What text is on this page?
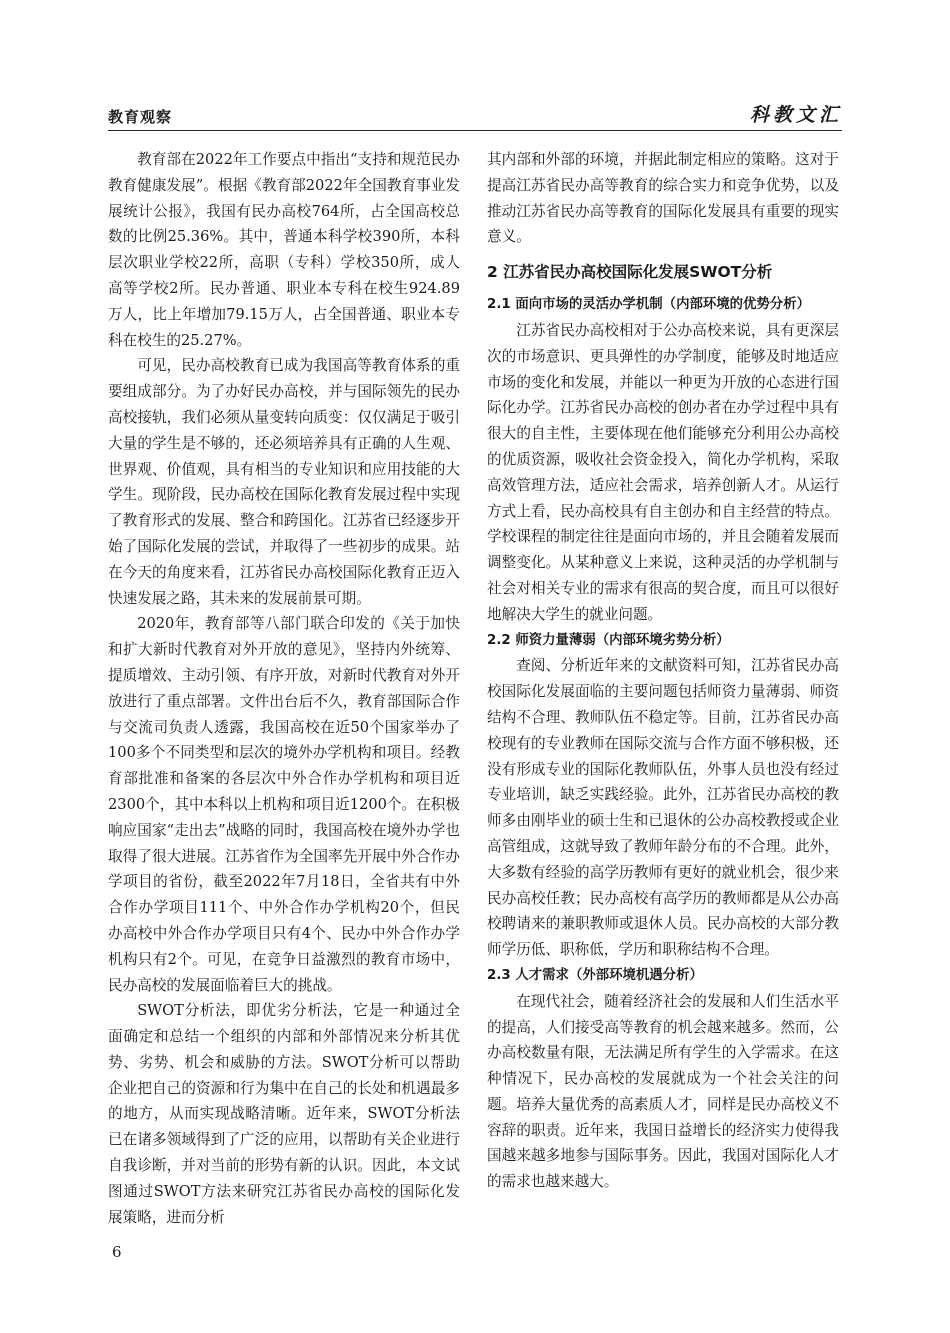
教育观察	科教文汇

教育部在2022年工作要点中指出“支持和规范民办教育健康发展”。根据《教育部2022年全国教育事业发展统计公报》，我国有民办高校764所，占全国高校总数的比例25.36%。其中，普通本科学校390所，本科层次职业学校22所，高职（专科）学校350所，成人高等学校2所。民办普通、职业本专科在校生924.89万人，比上年增加79.15万人，占全国普通、职业本专科在校生的25.27%。

可见，民办高校教育已成为我国高等教育体系的重要组成部分。为了办好民办高校，并与国际领先的民办高校接轨，我们必须从量变转向质变：仅仅满足于吸引大量的学生是不够的，还必须培养具有正确的人生观、世界观、价值观，具有相当的专业知识和应用技能的大学生。现阶段，民办高校在国际化教育发展过程中实现了教育形式的发展、整合和跨国化。江苏省已经逐步开始了国际化发展的尝试，并取得了一些初步的成果。站在今天的角度来看，江苏省民办高校国际化教育正迈入快速发展之路，其未来的发展前景可期。

2020年，教育部等八部门联合印发的《关于加快和扩大新时代教育对外开放的意见》，坚持内外统筹、提质增效、主动引领、有序开放，对新时代教育对外开放进行了重点部署。文件出台后不久，教育部国际合作与交流司负责人透露，我国高校在近50个国家举办了100多个不同类型和层次的境外办学机构和项目。经教育部批准和备案的各层次中外合作办学机构和项目近2300个，其中本科以上机构和项目近1200个。在积极响应国家“走出去”战略的同时，我国高校在境外办学也取得了很大进展。江苏省作为全国率先开展中外合作办学项目的省份，截至2022年7月18日，全省共有中外合作办学项目111个、中外合作办学机构20个，但民办高校中外合作办学项目只有4个、民办中外合作办学机构只有2个。可见，在竞争日益激烈的教育市场中，民办高校的发展面临着巨大的挑战。

SWOT分析法，即优劣分析法，它是一种通过全面确定和总结一个组织的内部和外部情况来分析其优势、劣势、机会和威胁的方法。SWOT分析可以帮助企业把自己的资源和行为集中在自己的长处和机遇最多的地方，从而实现战略清晰。近年来，SWOT分析法已在诸多领域得到了广泛的应用，以帮助有关企业进行自我诊断，并对当前的形势有新的认识。因此，本文试图通过SWOT方法来研究江苏省民办高校的国际化发展策略，进而分析

其内部和外部的环境，并据此制定相应的策略。这对于提高江苏省民办高等教育的综合实力和竞争优势，以及推动江苏省民办高等教育的国际化发展具有重要的现实意义。

2 江苏省民办高校国际化发展SWOT分析
2.1 面向市场的灵活办学机制（内部环境的优势分析）

江苏省民办高校相对于公办高校来说，具有更深层次的市场意识、更具弹性的办学制度，能够及时地适应市场的变化和发展，并能以一种更为开放的心态进行国际化办学。江苏省民办高校的创办者在办学过程中具有很大的自主性，主要体现在他们能够充分利用公办高校的优质资源，吸收社会资金投入，简化办学机构，采取高效管理方法，适应社会需求，培养创新人才。从运行方式上看，民办高校具有自主创办和自主经营的特点。学校课程的制定往往是面向市场的，并且会随着发展而调整变化。从某种意义上来说，这种灵活的办学机制与社会对相关专业的需求有很高的契合度，而且可以很好地解决大学生的就业问题。

2.2 师资力量薄弱（内部环境劣势分析）

查阅、分析近年来的文献资料可知，江苏省民办高校国际化发展面临的主要问题包括师资力量薄弱、师资结构不合理、教师队伍不稳定等。目前，江苏省民办高校现有的专业教师在国际交流与合作方面不够积极，还没有形成专业的国际化教师队伍，外事人员也没有经过专业培训，缺乏实践经验。此外，江苏省民办高校的教师多由刚毕业的硕士生和已退休的公办高校教授或企业高管组成，这就导致了教师年龄分布的不合理。此外，大多数有经验的高学历教师有更好的就业机会，很少来民办高校任教；民办高校有高学历的教师都是从公办高校聘请来的兼职教师或退休人员。民办高校的大部分教师学历低、职称低，学历和职称结构不合理。

2.3 人才需求（外部环境机遇分析）

在现代社会，随着经济社会的发展和人们生活水平的提高，人们接受高等教育的机会越来越多。然而，公办高校数量有限，无法满足所有学生的入学需求。在这种情况下，民办高校的发展就成为一个社会关注的问题。培养大量优秀的高素质人才，同样是民办高校义不容辞的职责。近年来，我国日益增长的经济实力使得我国越来越多地参与国际事务。因此，我国对国际化人才的需求也越来越大。

6
